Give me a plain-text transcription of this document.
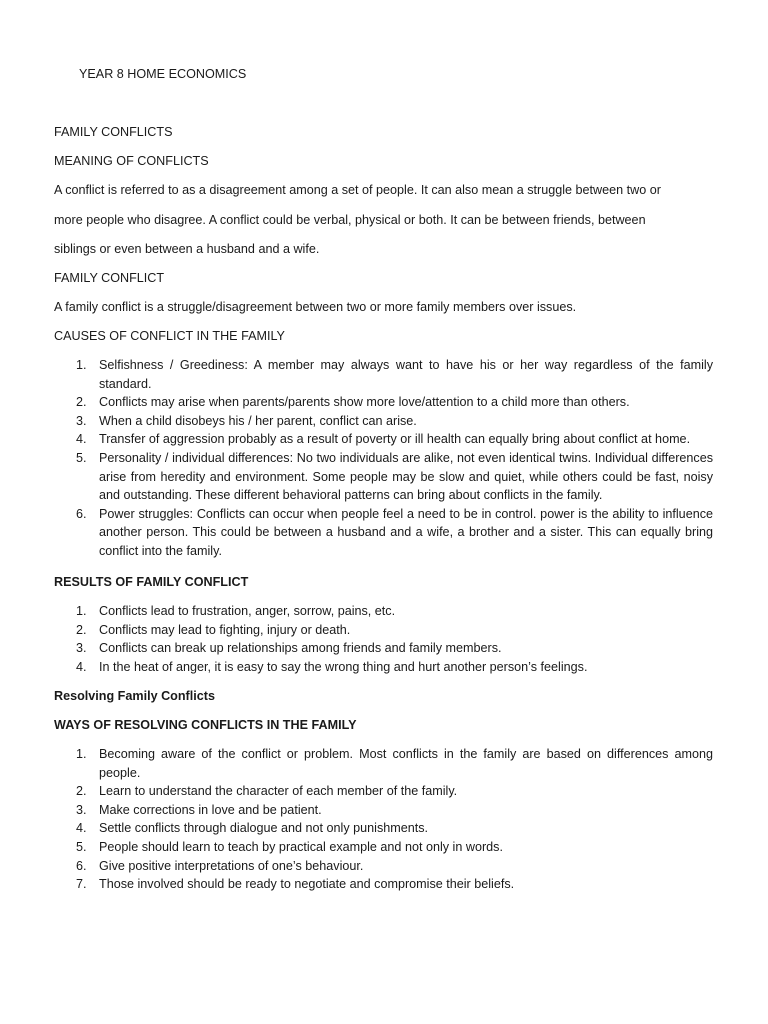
YEAR 8 HOME ECONOMICS
FAMILY CONFLICTS
MEANING OF CONFLICTS
A conflict is referred to as a disagreement among a set of people. It can also mean a struggle between two or
more people who disagree. A conflict could be verbal, physical or both. It can be between friends, between
siblings or even between a husband and a wife.
FAMILY CONFLICT
A family conflict is a struggle/disagreement between two or more family members over issues.
CAUSES OF CONFLICT IN THE FAMILY
Selfishness / Greediness: A member may always want to have his or her way regardless of the family standard.
Conflicts may arise when parents/parents show more love/attention to a child more than others.
When a child disobeys his / her parent, conflict can arise.
Transfer of aggression probably as a result of poverty or ill health can equally bring about conflict at home.
Personality / individual differences: No two individuals are alike, not even identical twins. Individual differences arise from heredity and environment. Some people may be slow and quiet, while others could be fast, noisy and outstanding. These different behavioral patterns can bring about conflicts in the family.
Power struggles: Conflicts can occur when people feel a need to be in control. power is the ability to influence another person. This could be between a husband and a wife, a brother and a sister. This can equally bring conflict into the family.
RESULTS OF FAMILY CONFLICT
Conflicts lead to frustration, anger, sorrow, pains, etc.
Conflicts may lead to fighting, injury or death.
Conflicts can break up relationships among friends and family members.
In the heat of anger, it is easy to say the wrong thing and hurt another person’s feelings.
Resolving Family Conflicts
WAYS OF RESOLVING CONFLICTS IN THE FAMILY
Becoming aware of the conflict or problem. Most conflicts in the family are based on differences among people.
Learn to understand the character of each member of the family.
Make corrections in love and be patient.
Settle conflicts through dialogue and not only punishments.
People should learn to teach by practical example and not only in words.
Give positive interpretations of one’s behaviour.
Those involved should be ready to negotiate and compromise their beliefs.
